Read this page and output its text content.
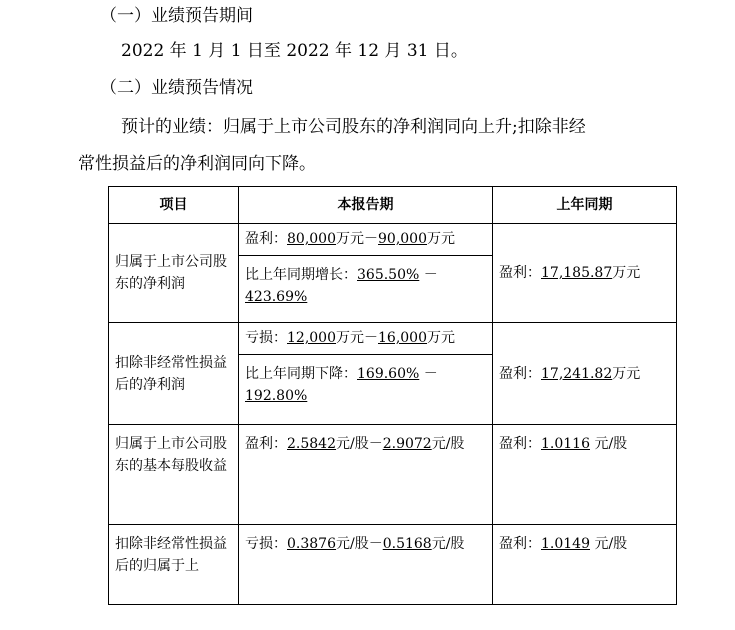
（一）业绩预告期间
2022 年 1 月 1 日至 2022 年 12 月 31 日。
（二）业绩预告情况
预计的业绩：归属于上市公司股东的净利润同向上升;扣除非经
常性损益后的净利润同向下降。
项目	本报告期	上年同期
归属于上市公司股东的净利润	盈利：80,000万元－90,000万元	盈利：17,185.87万元
	比上年同期增长：365.50% －
423.69%	
扣除非经常性损益后的净利润	亏损：12,000万元－16,000万元	盈利：17,241.82万元
	比上年同期下降：169.60% －
192.80%	
归属于上市公司股东的基本每股收益	盈利：2.5842元/股－2.9072元/股	盈利：1.0116 元/股
扣除非经常性损益后的归属于上	亏损：0.3876元/股－0.5168元/股	盈利：1.0149 元/股
